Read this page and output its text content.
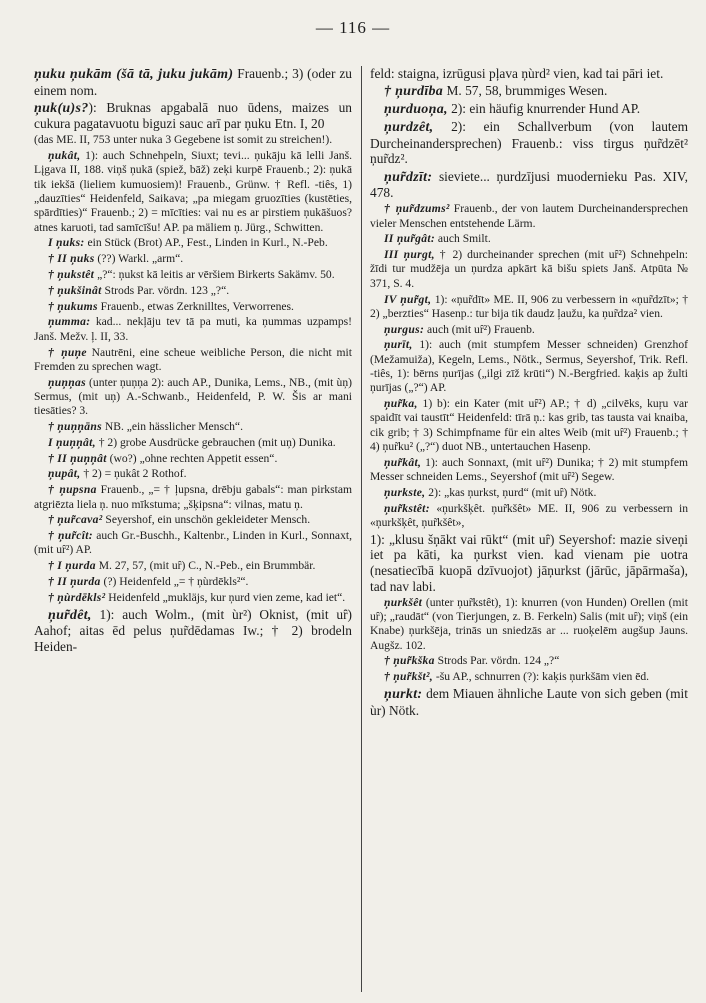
— 116 —

ņuku ņukām (šā tā, juku jukām) Frauenb.; 3) (oder zu einem nom.

ņuk(u)s?): Bruknas apgabalā nuo ūdens, maizes un cukura pagatavuotu biguzi sauc arī par ņuku Etn. I, 20

(das ME. II, 753 unter nuka 3 Gegebene ist somit zu streichen!).

ņukât, 1): auch Schnehpeln, Siuxt; tevi... ņukāju kā lelli Janš. Lįgava II, 188. viņš ņukā (spiež, bāž) zeķi kurpē Frauenb.; 2): ņukā tik iekšā (lieliem kumuosiem)! Frauenb., Grünw. † Refl. -tiês, 1) „dauzīties“ Heidenfeld, Saikava; „pa miegam gruozīties (kustēties, spārdīties)“ Frauenb.; 2) = mīcīties: vai nu es ar pirstiem ņukāšuos? atnes karuoti, tad samīcīšu! AP. pa mäliem ņ. Jürg., Schwitten.

I ņuks: ein Stück (Brot) AP., Fest., Linden in Kurl., N.-Peb.

† II ņuks (??) Warkl. „arm“.

† ņukstêt „?“: ņukst kā leitis ar vēršiem Birkerts Sakämv. 50.

† ņukšinât Strods Par. vördn. 123 „?“.

† ņukums Frauenb., etwas Zerknilltes, Verworrenes.

ņumma: kad... nekļāju tev tā pa muti, ka ņummas uzpamps! Janš. Mežv. ļ. II, 33.

† ņuņe Nautrēni, eine scheue weibliche Person, die nicht mit Fremden zu sprechen wagt.

ņuņņas (unter ņuņņa 2): auch AP., Dunika, Lems., NB., (mit ùņ) Sermus, (mit uņ) A.-Schwanb., Heidenfeld, P. W. Šis ar mani tiesāties? 3.

† ņuņņāns NB. „ein hässlicher Mensch“.

I ņuņņât, † 2) grobe Ausdrücke gebrauchen (mit uņ) Dunika.

† II ņuņņât (wo?) „ohne rechten Appetit essen“.

ņupât, † 2) = ņukât 2 Rothof.

† ņupsna Frauenb., „= † ļupsna, drēbju gabals“: man pirkstam atgriēzta liela ņ. nuo mīkstuma; „šķipsna“: vilnas, matu ņ.

† ņur̃cava² Seyershof, ein unschön gekleideter Mensch.

† ņur̃cît: auch Gr.-Buschh., Kaltenbr., Linden in Kurl., Sonnaxt, (mit uȓ²) AP.

† I ņurda M. 27, 57, (mit uȓ) C., N.-Peb., ein Brummbär.

† II ņurda (?) Heidenfeld „= † ņùrdēkls²“.

† ņùrdēkls² Heidenfeld „mukläjs, kur ņurd vien zeme, kad iet“.

ņur̃dêt, 1): auch Wolm., (mit ùr²) Oknist, (mit uȓ) Aahof; aitas ēd pelus ņur̃dēdamas Iw.; † 2) brodeln Heiden-

feld: staigna, izrūgusi pļava ņùrd² vien, kad tai pāri iet.

† ņurdība M. 57, 58, brummiges Wesen.

ņurduoņa, 2): ein häufig knurrender Hund AP.

ņurdzêt, 2): ein Schallverbum (von lautem Durcheinandersprechen) Frauenb.: viss tirgus ņur̃dzēt² ņur̃dz².

ņur̃dzīt: sieviete... ņurdzījusi muodernieku Pas. XIV, 478.

† ņur̃dzums² Frauenb., der von lautem Durcheinandersprechen vieler Menschen entstehende Lärm.

II ņur̃gât: auch Smilt.

III ņurgt, † 2) durcheinander sprechen (mit uȓ²) Schnehpeln: žīdi tur mudžēja un ņurdza apkārt kā bišu spiets Janš. Atpūta № 371, S. 4.

IV ņur̃gt, 1): «ņur̃dīt» ME. II, 906 zu verbessern in «ņur̃dzīt»; † 2) „berzties“ Hasenp.: tur bija tik daudz ļaužu, ka ņur̃dza² vien.

ņurgus: auch (mit uȓ²) Frauenb.

ņurīt, 1): auch (mit stumpfem Messer schneiden) Grenzhof (Mežamuiža), Kegeln, Lems., Nötk., Sermus, Seyershof, Trik. Refl. -tiês, 1): bērns ņurījas („ilgi zīž krūti“) N.-Bergfried. kaķis ap žulti ņurījas („?“) AP.

ņur̃ka, 1) b): ein Kater (mit uȓ²) AP.; † d) „cilvēks, kuŗu var spaidīt vai taustīt“ Heidenfeld: tīrā ņ.: kas grib, tas tausta vai knaiba, cik grib; † 3) Schimpfname für ein altes Weib (mit uȓ²) Frauenb.; † 4) ņur̃ku² („?“) duot NB., untertauchen Hasenp.

ņur̃kât, 1): auch Sonnaxt, (mit uȓ²) Dunika; † 2) mit stumpfem Messer schneiden Lems., Seyershof (mit uȓ²) Segew.

ņurkste, 2): „kas ņurkst, ņurd“ (mit uȓ) Nötk.

ņur̃kstêt: «ņurkšķêt. ņur̃kšêt» ME. II, 906 zu verbessern in «ņurkšķêt, ņur̃kšêt»,

1): „klusu šņākt vai rūkt“ (mit uȓ) Seyershof: mazie siveņi iet pa kāti, ka ņurkst vien. kad vienam pie uotra (nesatiecībā kuopā dzīvuojot) jāņurkst (jārūc, jāpārmaša), tad nav labi.

ņurkšêt (unter ņur̃kstêt), 1): knurren (von Hunden) Orellen (mit uȓ); „raudāt“ (von Tierjungen, z. B. Ferkeln) Salis (mit uȓ); viņš (ein Knabe) ņurkšēja, trinās un sniedzās ar ... ruoķelēm augšup Jauns. Augšz. 102.

† ņur̃kška Strods Par. vördn. 124 „?“

† ņur̃kšt², -šu AP., schnurren (?): kaķis ņurkšām vien ēd.

ņurkt: dem Miauen ähnliche Laute von sich geben (mit ùr) Nötk.
